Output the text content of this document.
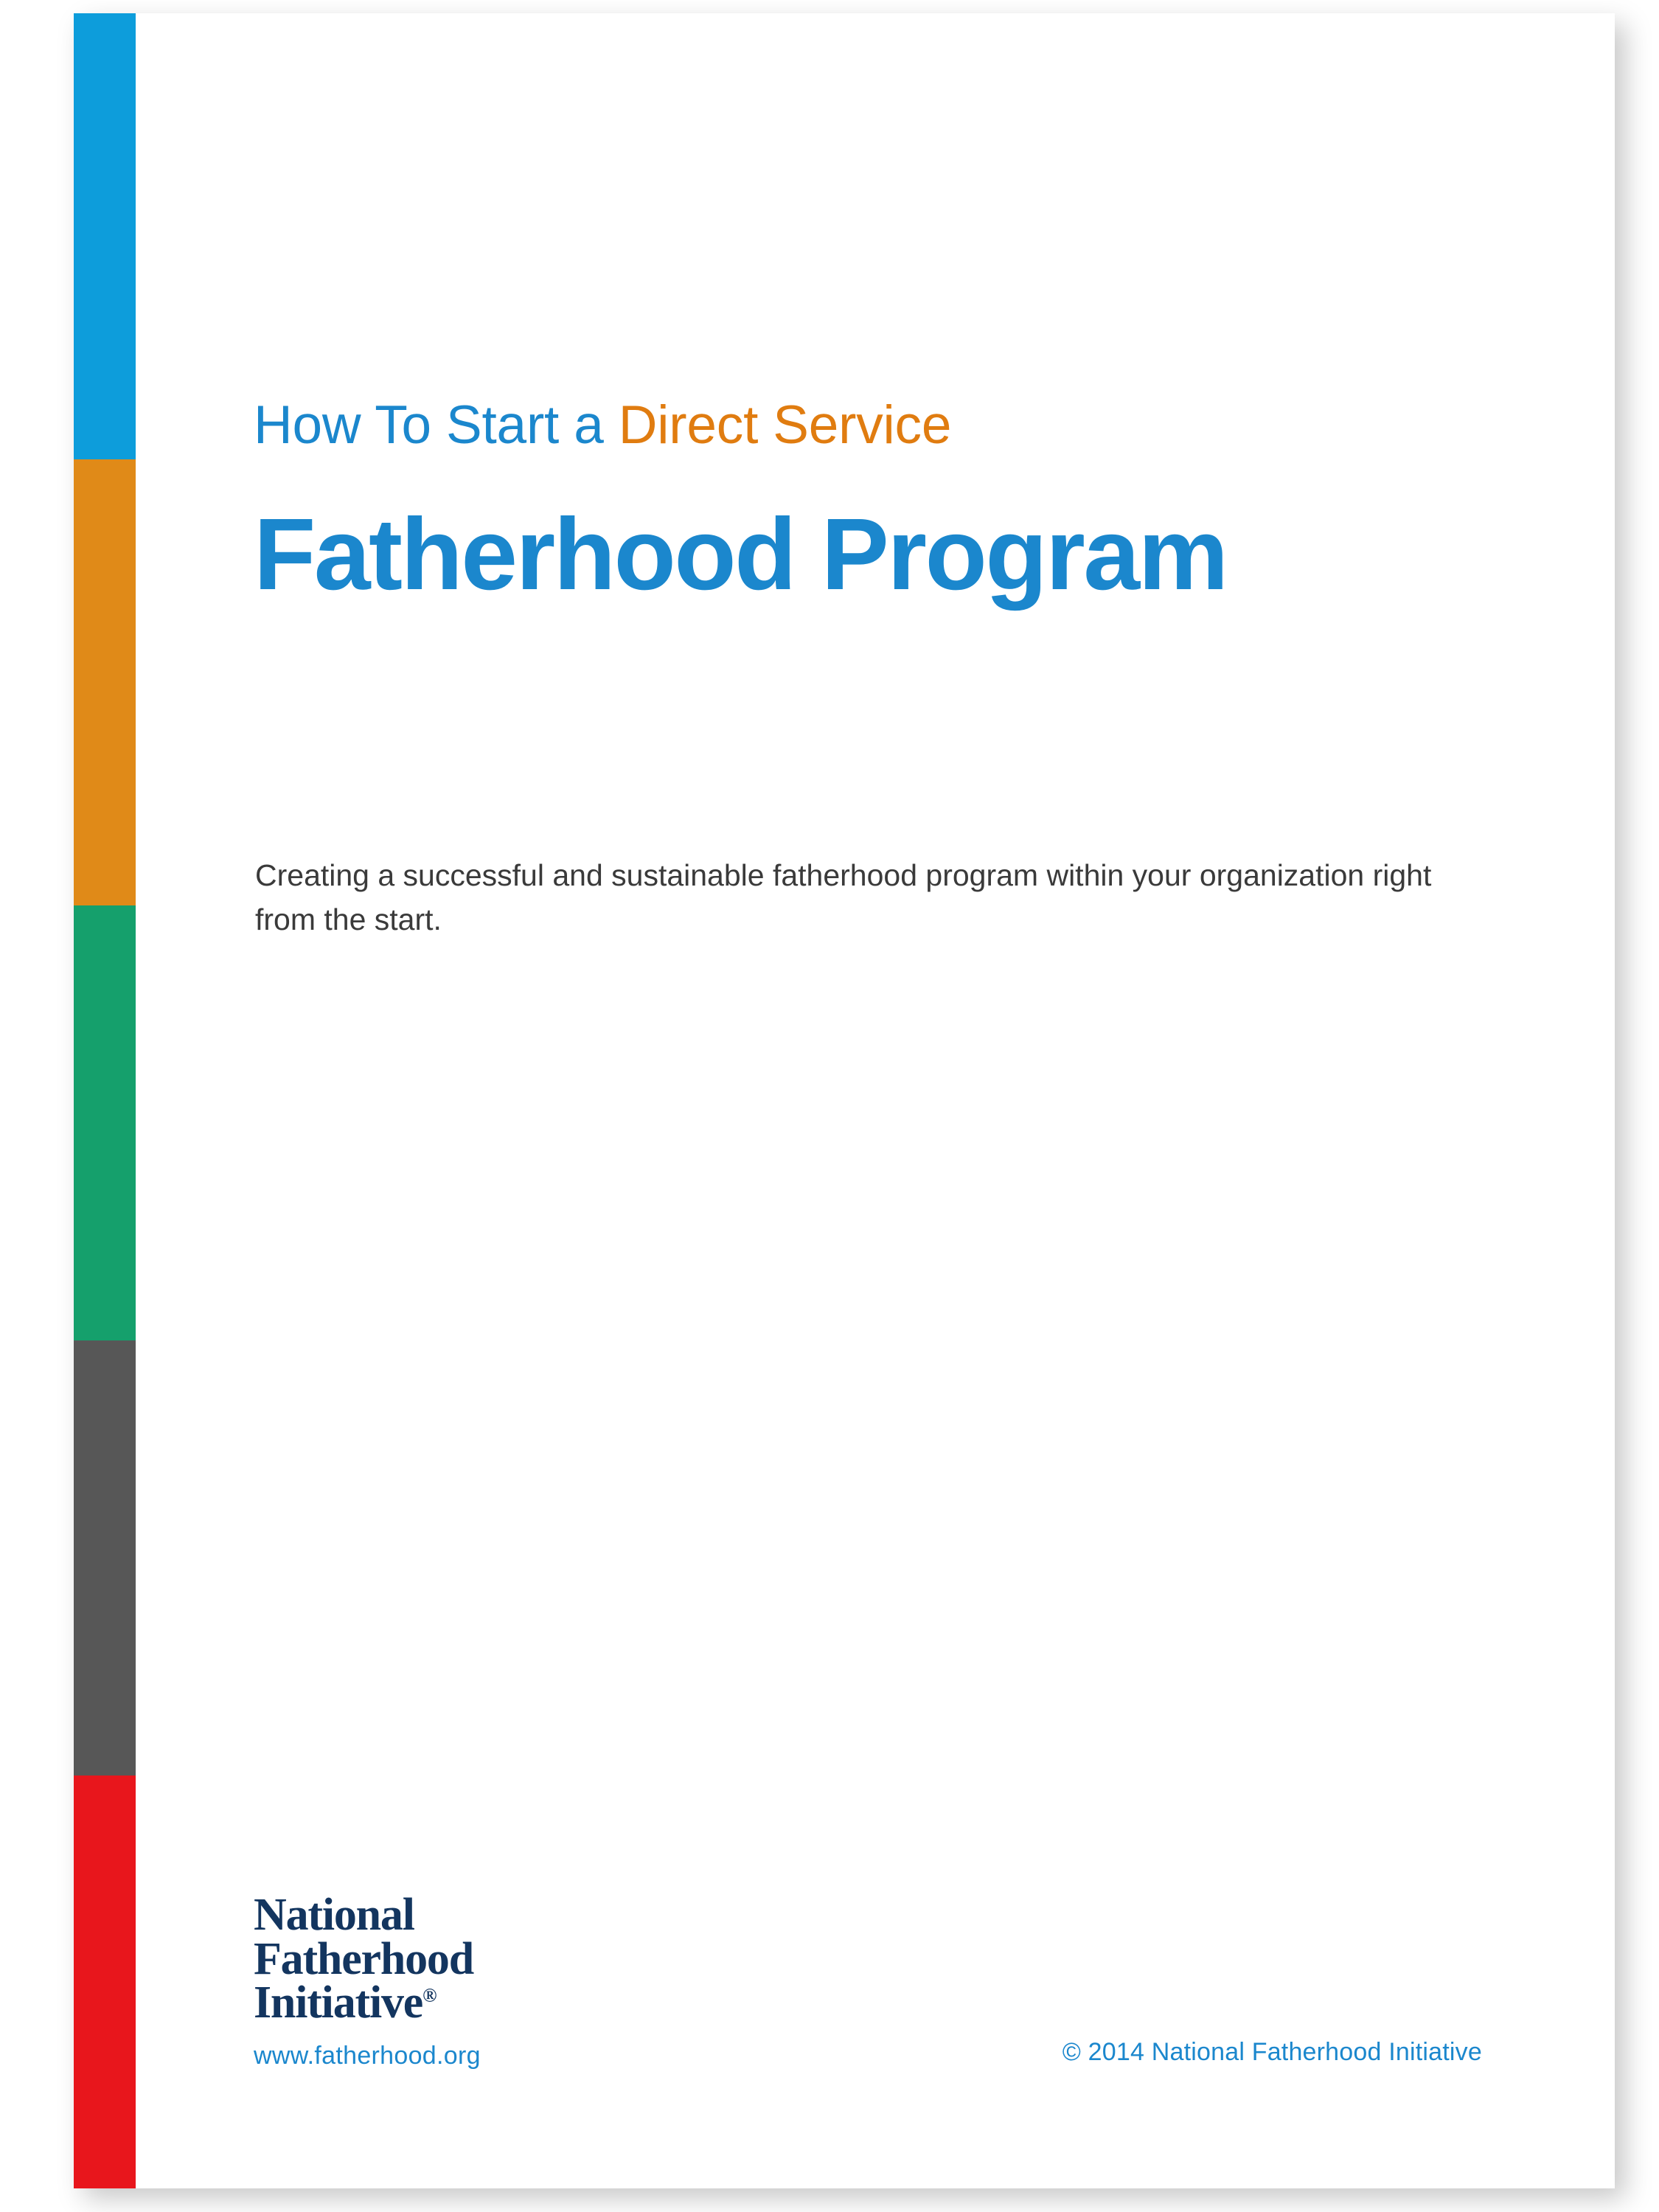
How To Start a Direct Service

Fatherhood Program

Creating a successful and sustainable fatherhood program within your organization right from the start.

National
Fatherhood
Initiative®
www.fatherhood.org	© 2014 National Fatherhood Initiative
